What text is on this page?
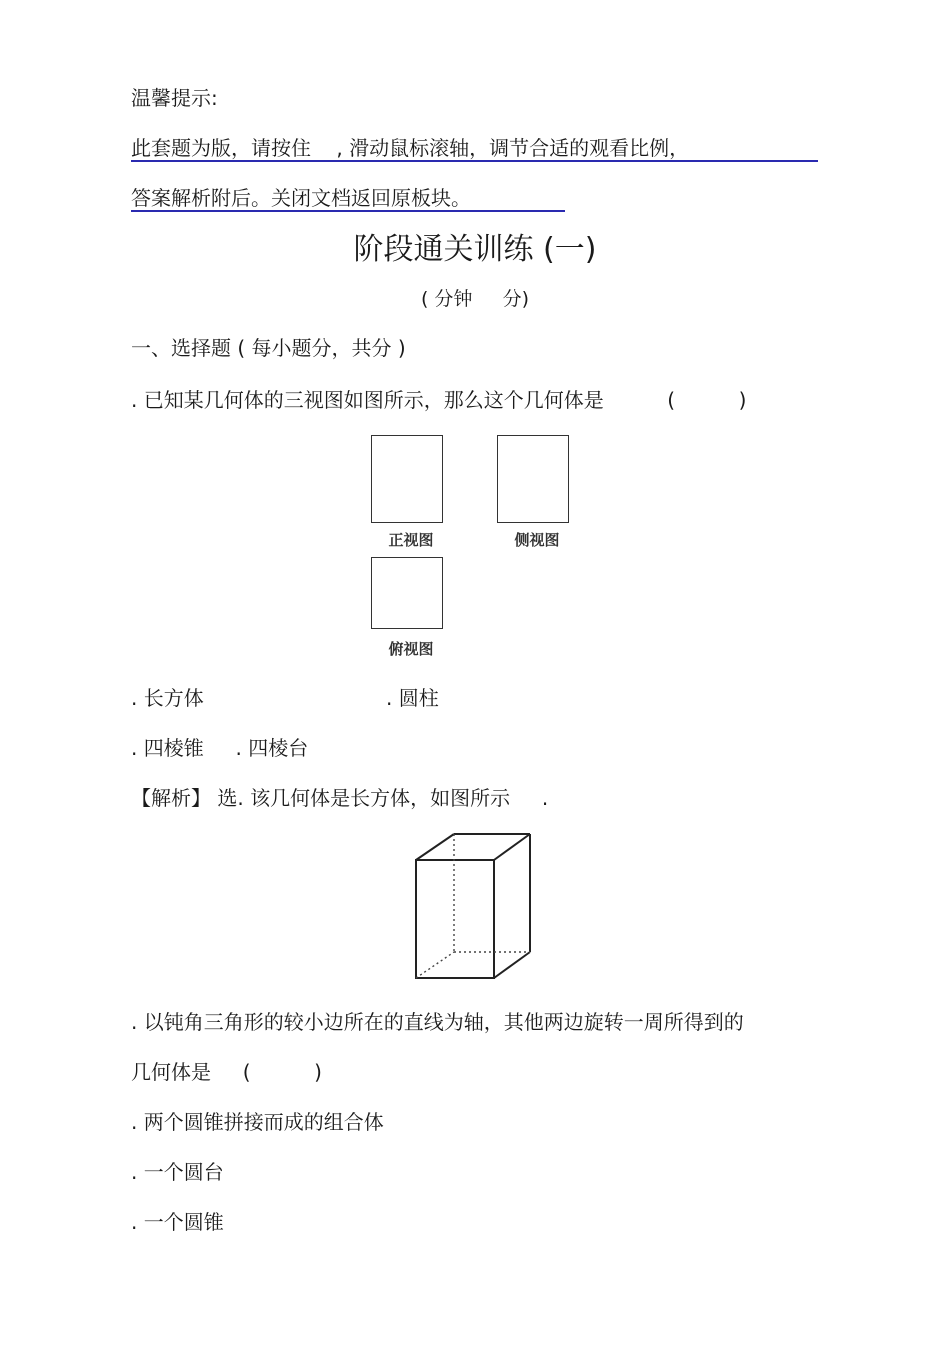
温馨提示:
此套题为版，请按住    , 滑动鼠标滚轴，调节合适的观看比例，
答案解析附后。关闭文档返回原板块。
阶段通关训练 (一)
( 分钟     分)
一、选择题 ( 每小题分，共分 )
. 已知某几何体的三视图如图所示，那么这个几何体是          (          )
正视图	侧视图
俯视图
. 长方体	. 圆柱
. 四棱锥     . 四棱台
【解析】 选. 该几何体是长方体，如图所示     .
. 以钝角三角形的较小边所在的直线为轴，其他两边旋转一周所得到的
几何体是     (          )
. 两个圆锥拼接而成的组合体
. 一个圆台
. 一个圆锥
